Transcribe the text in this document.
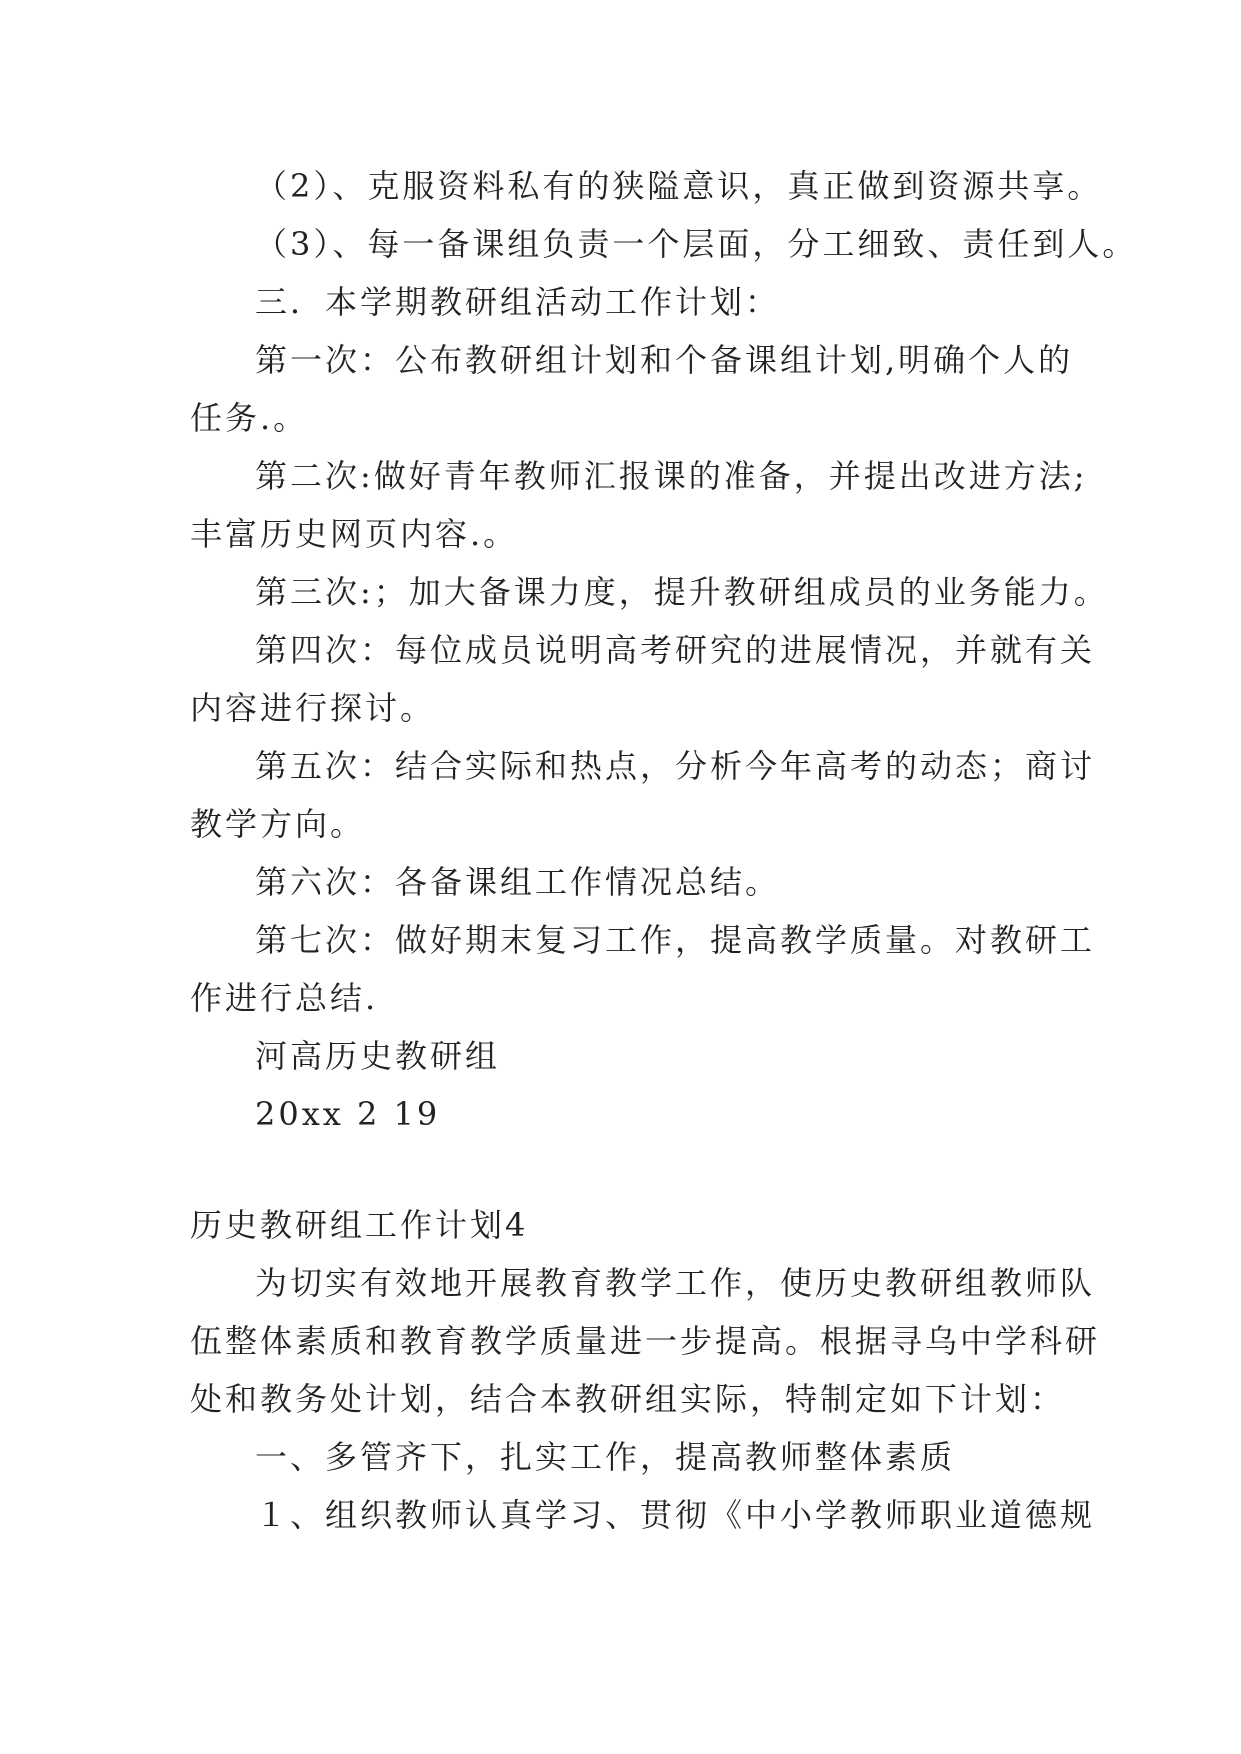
（2）、克服资料私有的狭隘意识，真正做到资源共享。
（3）、每一备课组负责一个层面，分工细致、责任到人。
三．本学期教研组活动工作计划：
第一次：公布教研组计划和个备课组计划,明确个人的
任务.。
第二次:做好青年教师汇报课的准备，并提出改进方法;
丰富历史网页内容.。
第三次:；加大备课力度，提升教研组成员的业务能力。
第四次：每位成员说明高考研究的进展情况，并就有关
内容进行探讨。
第五次：结合实际和热点，分析今年高考的动态；商讨
教学方向。
第六次：各备课组工作情况总结。
第七次：做好期末复习工作，提高教学质量。对教研工
作进行总结.
河高历史教研组
20xx 2 19
历史教研组工作计划4
为切实有效地开展教育教学工作，使历史教研组教师队
伍整体素质和教育教学质量进一步提高。根据寻乌中学科研
处和教务处计划，结合本教研组实际，特制定如下计划：
一、多管齐下，扎实工作，提高教师整体素质
１、组织教师认真学习、贯彻《中小学教师职业道德规
